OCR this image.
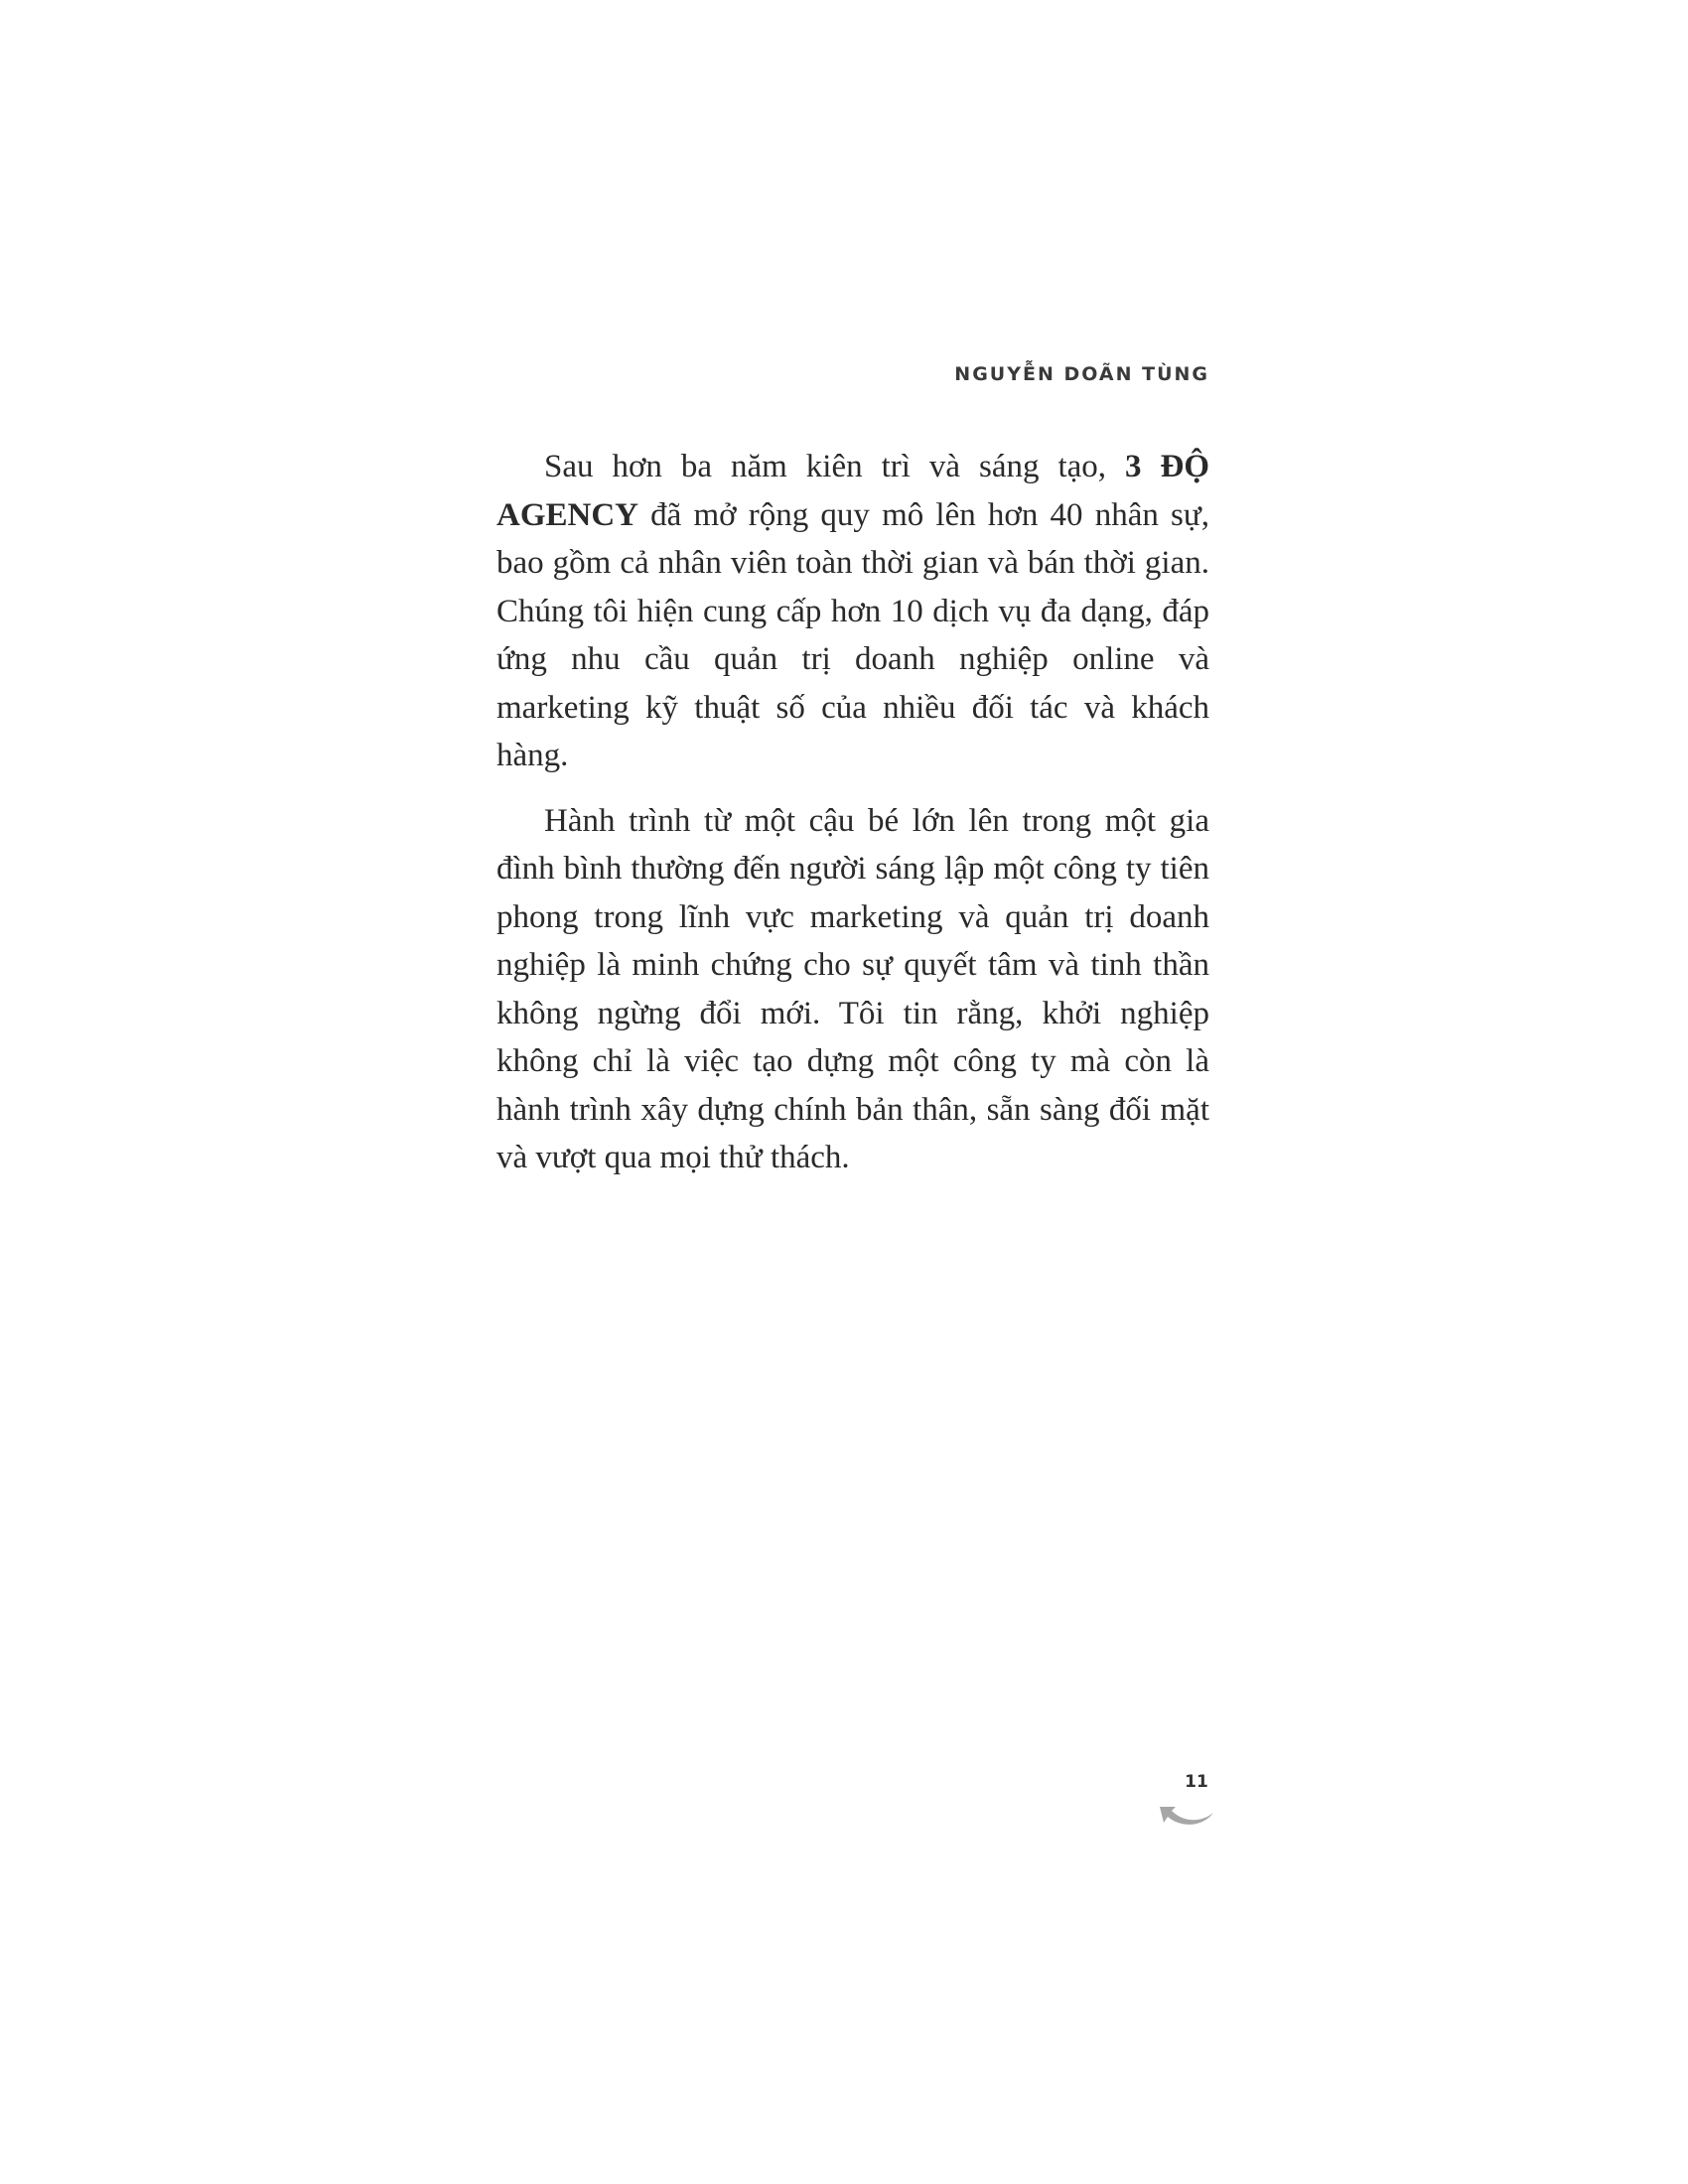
NGUYỄN DOÃN TÙNG

Sau hơn ba năm kiên trì và sáng tạo, 3 ĐỘ AGENCY đã mở rộng quy mô lên hơn 40 nhân sự, bao gồm cả nhân viên toàn thời gian và bán thời gian. Chúng tôi hiện cung cấp hơn 10 dịch vụ đa dạng, đáp ứng nhu cầu quản trị doanh nghiệp online và marketing kỹ thuật số của nhiều đối tác và khách hàng.

Hành trình từ một cậu bé lớn lên trong một gia đình bình thường đến người sáng lập một công ty tiên phong trong lĩnh vực marketing và quản trị doanh nghiệp là minh chứng cho sự quyết tâm và tinh thần không ngừng đổi mới. Tôi tin rằng, khởi nghiệp không chỉ là việc tạo dựng một công ty mà còn là hành trình xây dựng chính bản thân, sẵn sàng đối mặt và vượt qua mọi thử thách.

11
